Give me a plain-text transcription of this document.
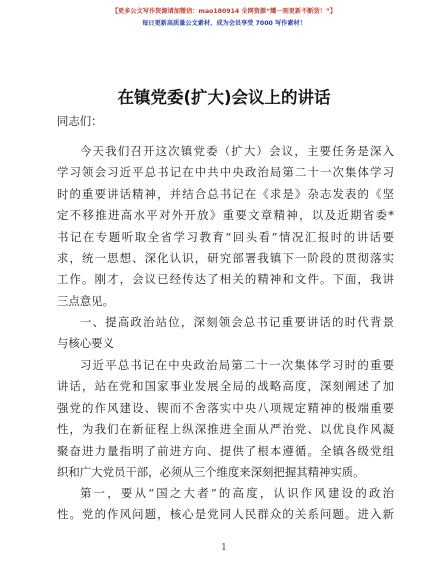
【更多公文写作资源请加微信：mao180914 全网资源“耀一刻更新不断货！”】
每日更新高质量公文素材，成为会员享受 7000 写作素材！
在镇党委(扩大)会议上的讲话
同志们：
今天我们召开这次镇党委（扩大）会议，主要任务是深入
学习领会习近平总书记在中共中央政治局第二十一次集体学习
时的重要讲话精神，并结合总书记在《求是》杂志发表的《坚
定不移推进高水平对外开放》重要文章精神，以及近期省委*
书记在专题听取全省学习教育“回头看”情况汇报时的讲话要
求，统一思想、深化认识，研究部署我镇下一阶段的贯彻落实
工作。刚才，会议已经传达了相关的精神和文件。下面，我讲
三点意见。
一、提高政治站位，深刻领会总书记重要讲话的时代背景
与核心要义
习近平总书记在中央政治局第二十一次集体学习时的重要
讲话，站在党和国家事业发展全局的战略高度，深刻阐述了加
强党的作风建设、锲而不舍落实中央八项规定精神的极端重要
性，为我们在新征程上纵深推进全面从严治党、以优良作风凝
聚奋进力量指明了前进方向、提供了根本遵循。全镇各级党组
织和广大党员干部，必须从三个维度来深刻把握其精神实质。
第一，要从“国之大者”的高度，认识作风建设的政治
性。党的作风问题，核心是党同人民群众的关系问题。进入新
1
